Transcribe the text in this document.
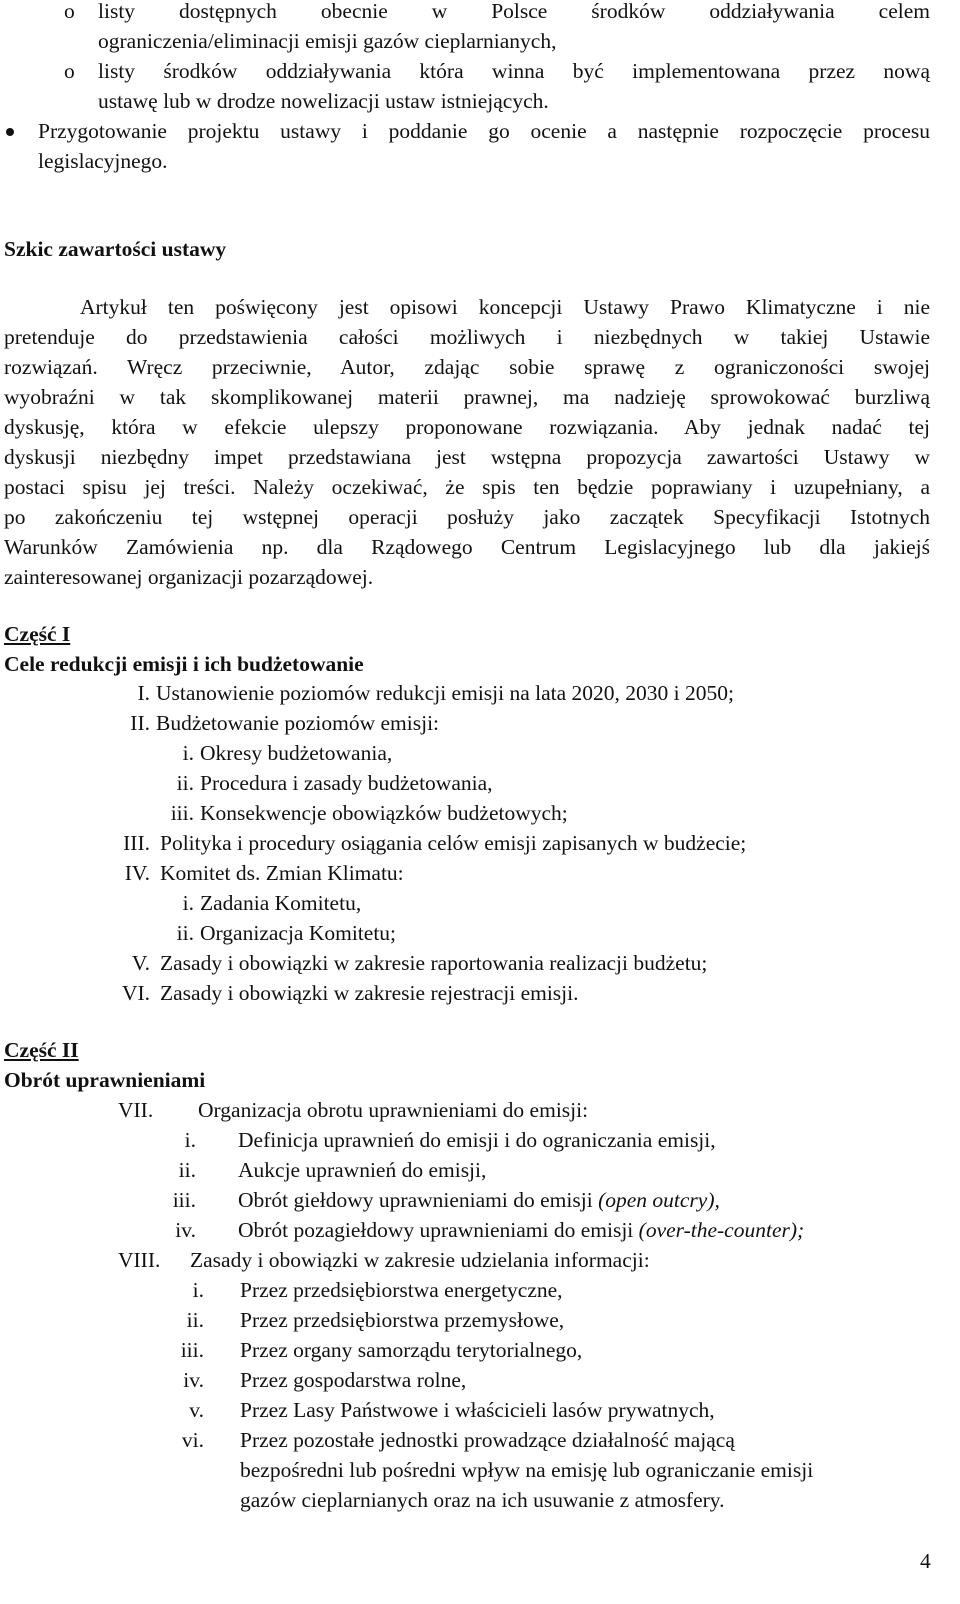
o listy dostępnych obecnie w Polsce środków oddziaływania celem
ograniczenia/eliminacji emisji gazów cieplarnianych,
o listy środków oddziaływania która winna być implementowana przez nową
ustawę lub w drodze nowelizacji ustaw istniejących.
Przygotowanie projektu ustawy i poddanie go ocenie a następnie rozpoczęcie procesu
legislacyjnego.
Szkic zawartości ustawy
Artykuł ten poświęcony jest opisowi koncepcji Ustawy Prawo Klimatyczne i nie
pretenduje do przedstawienia całości możliwych i niezbędnych w takiej Ustawie
rozwiązań. Wręcz przeciwnie, Autor, zdając sobie sprawę z ograniczoności swojej
wyobraźni w tak skomplikowanej materii prawnej, ma nadzieję sprowokować burzliwą
dyskusję, która w efekcie ulepszy proponowane rozwiązania. Aby jednak nadać tej
dyskusji niezbędny impet przedstawiana jest wstępna propozycja zawartości Ustawy w
postaci spisu jej treści. Należy oczekiwać, że spis ten będzie poprawiany i uzupełniany, a
po zakończeniu tej wstępnej operacji posłuży jako zaczątek Specyfikacji Istotnych
Warunków Zamówienia np. dla Rządowego Centrum Legislacyjnego lub dla jakiejś
zainteresowanej organizacji pozarządowej.
Część I
Cele redukcji emisji i ich budżetowanie
I. Ustanowienie poziomów redukcji emisji na lata 2020, 2030 i 2050;
II. Budżetowanie poziomów emisji:
i. Okresy budżetowania,
ii. Procedura i zasady budżetowania,
iii. Konsekwencje obowiązków budżetowych;
III. Polityka i procedury osiągania celów emisji zapisanych w budżecie;
IV. Komitet ds. Zmian Klimatu:
i. Zadania Komitetu,
ii. Organizacja Komitetu;
V. Zasady i obowiązki w zakresie raportowania realizacji budżetu;
VI. Zasady i obowiązki w zakresie rejestracji emisji.
Część II
Obrót uprawnieniami
VII. Organizacja obrotu uprawnieniami do emisji:
i. Definicja uprawnień do emisji i do ograniczania emisji,
ii. Aukcje uprawnień do emisji,
iii. Obrót giełdowy uprawnieniami do emisji (open outcry),
iv. Obrót pozagiełdowy uprawnieniami do emisji (over-the-counter);
VIII. Zasady i obowiązki w zakresie udzielania informacji:
i. Przez przedsiębiorstwa energetyczne,
ii. Przez przedsiębiorstwa przemysłowe,
iii. Przez organy samorządu terytorialnego,
iv. Przez gospodarstwa rolne,
v. Przez Lasy Państwowe i właścicieli lasów prywatnych,
vi. Przez pozostałe jednostki prowadzące działalność mającą
bezpośredni lub pośredni wpływ na emisję lub ograniczanie emisji
gazów cieplarnianych oraz na ich usuwanie z atmosfery.
4
